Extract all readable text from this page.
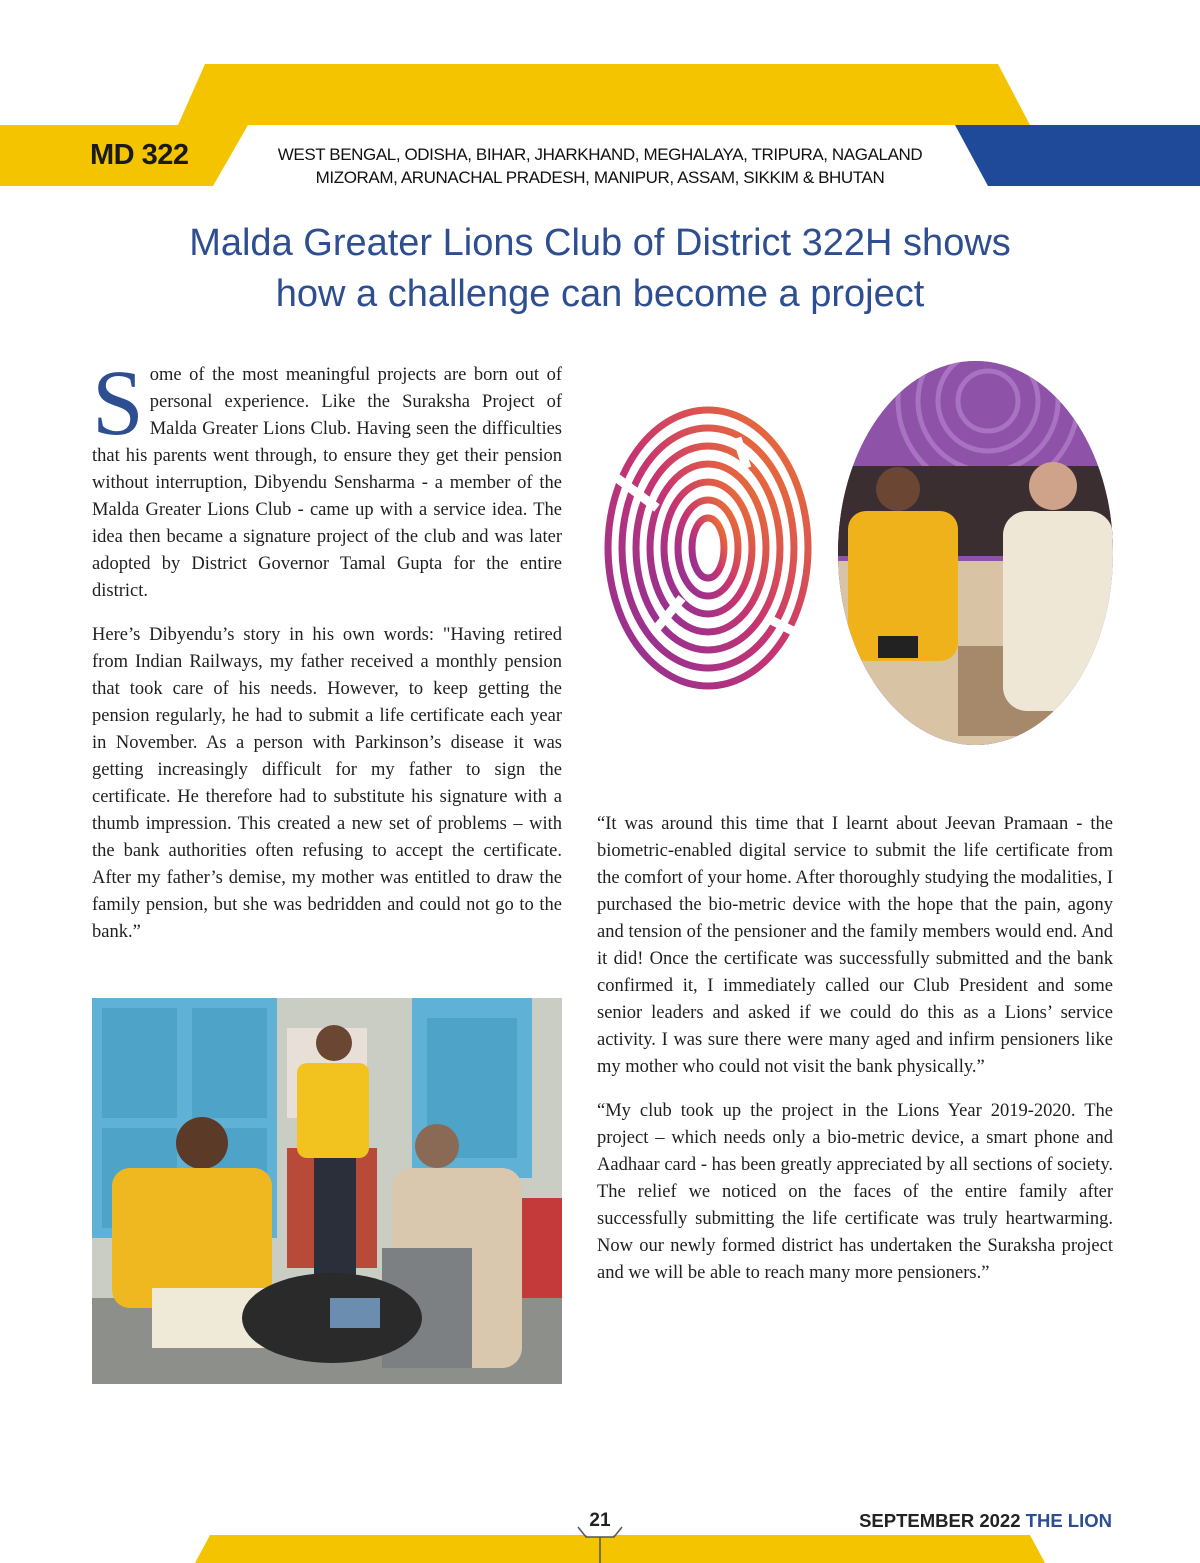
MD 322	WEST BENGAL, ODISHA, BIHAR, JHARKHAND, MEGHALAYA, TRIPURA, NAGALAND
MIZORAM, ARUNACHAL PRADESH, MANIPUR, ASSAM, SIKKIM & BHUTAN
Malda Greater Lions Club of District 322H shows
how a challenge can become a project

Some of the most meaningful projects are born out of personal experience. Like the Suraksha Project of Malda Greater Lions Club. Having seen the difficulties that his parents went through, to ensure they get their pension without interruption, Dibyendu Sensharma - a member of the Malda Greater Lions Club - came up with a service idea. The idea then became a signature project of the club and was later adopted by District Governor Tamal Gupta for the entire district.

Here’s Dibyendu’s story in his own words: "Having retired from Indian Railways, my father received a monthly pension that took care of his needs. However, to keep getting the pension regularly, he had to submit a life certificate each year in November. As a person with Parkinson’s disease it was getting increasingly difficult for my father to sign the certificate. He therefore had to substitute his signature with a thumb impression. This created a new set of problems – with the bank authorities often refusing to accept the certificate. After my father’s demise, my mother was entitled to draw the family pension, but she was bedridden and could not go to the bank.”

“It was around this time that I learnt about Jeevan Pramaan - the biometric-enabled digital service to submit the life certificate from the comfort of your home. After thoroughly studying the modalities, I purchased the bio-metric device with the hope that the pain, agony and tension of the pensioner and the family members would end. And it did! Once the certificate was successfully submitted and the bank confirmed it, I immediately called our Club President and some senior leaders and asked if we could do this as a Lions’ service activity. I was sure there were many aged and infirm pensioners like my mother who could not visit the bank physically.”

“My club took up the project in the Lions Year 2019-2020. The project – which needs only a bio-metric device, a smart phone and Aadhaar card - has been greatly appreciated by all sections of society. The relief we noticed on the faces of the entire family after successfully submitting the life certificate was truly heartwarming. Now our newly formed district has undertaken the Suraksha project and we will be able to reach many more pensioners.”

21	SEPTEMBER 2022 THE LION
